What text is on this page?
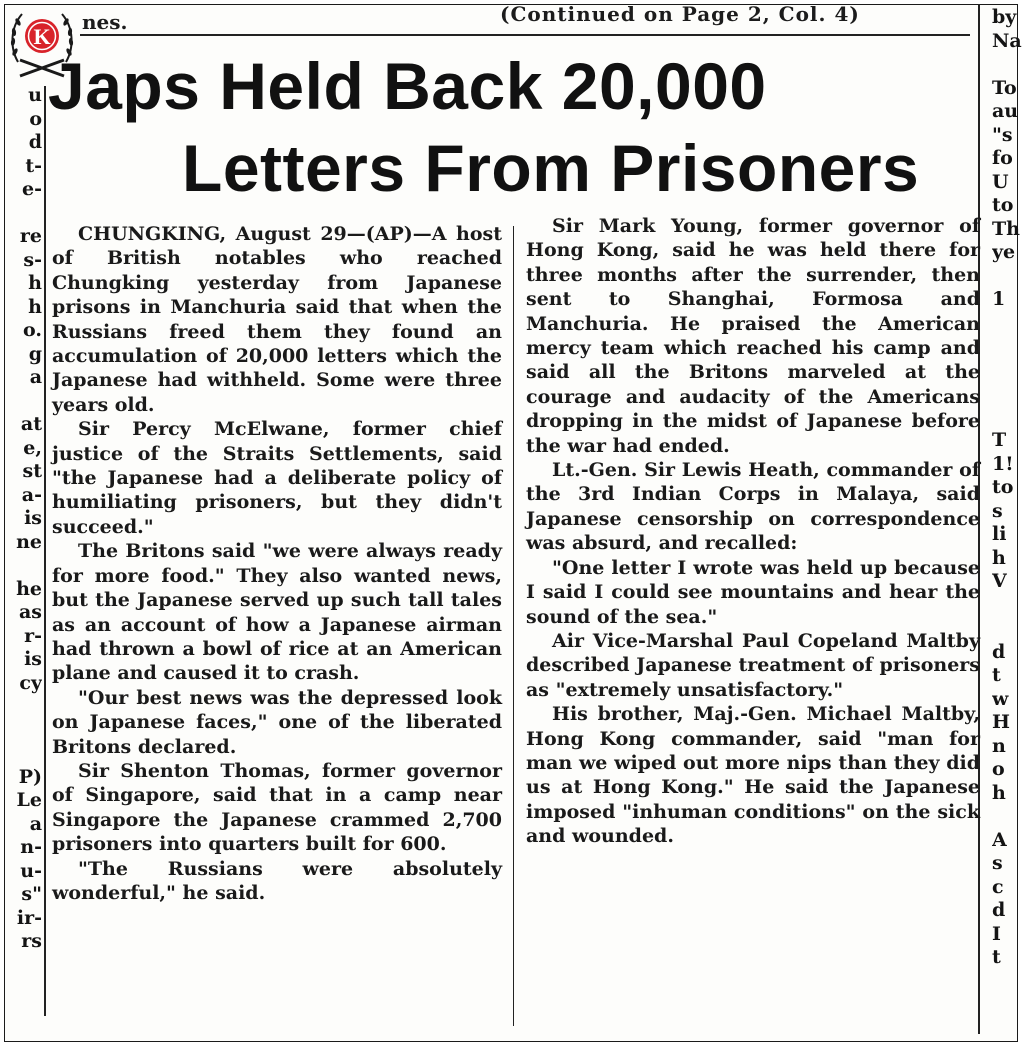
K
nes.	(Continued on Page 2, Col. 4)
u
o
d
t-
e-
re
s-
h
h
o.
g
a
at
e,
st
a-
is
ne
he
as
r-
is
cy
P)
Le
a
n-
u-
s"
ir-
rs
by
Na
To
au
"s
fo
U
to
Th
ye
1
T
1!
to
s
li
h
V
d
t
w
H
n
o
h
A
s
c
d
I
t
Japs Held Back 20,000
Letters From Prisoners

CHUNGKING, August 29—(AP)—A host of British notables who reached Chungking yesterday from Japanese prisons in Manchuria said that when the Russians freed them they found an accumulation of 20,000 letters which the Japanese had withheld. Some were three years old.

Sir Percy McElwane, former chief justice of the Straits Settlements, said "the Japanese had a deliberate policy of humiliating prisoners, but they didn't succeed."

The Britons said "we were always ready for more food." They also wanted news, but the Japanese served up such tall tales as an account of how a Japanese airman had thrown a bowl of rice at an American plane and caused it to crash.

"Our best news was the depressed look on Japanese faces," one of the liberated Britons declared.

Sir Shenton Thomas, former governor of Singapore, said that in a camp near Singapore the Japanese crammed 2,700 prisoners into quarters built for 600.

"The Russians were absolutely wonderful," he said.

Sir Mark Young, former governor of Hong Kong, said he was held there for three months after the surrender, then sent to Shanghai, Formosa and Manchuria. He praised the American mercy team which reached his camp and said all the Britons marveled at the courage and audacity of the Americans dropping in the midst of Japanese before the war had ended.

Lt.-Gen. Sir Lewis Heath, commander of the 3rd Indian Corps in Malaya, said Japanese censorship on correspondence was absurd, and recalled:

"One letter I wrote was held up because I said I could see mountains and hear the sound of the sea."

Air Vice-Marshal Paul Copeland Maltby described Japanese treatment of prisoners as "extremely unsatisfactory."

His brother, Maj.-Gen. Michael Maltby, Hong Kong commander, said "man for man we wiped out more nips than they did us at Hong Kong." He said the Japanese imposed "inhuman conditions" on the sick and wounded.
